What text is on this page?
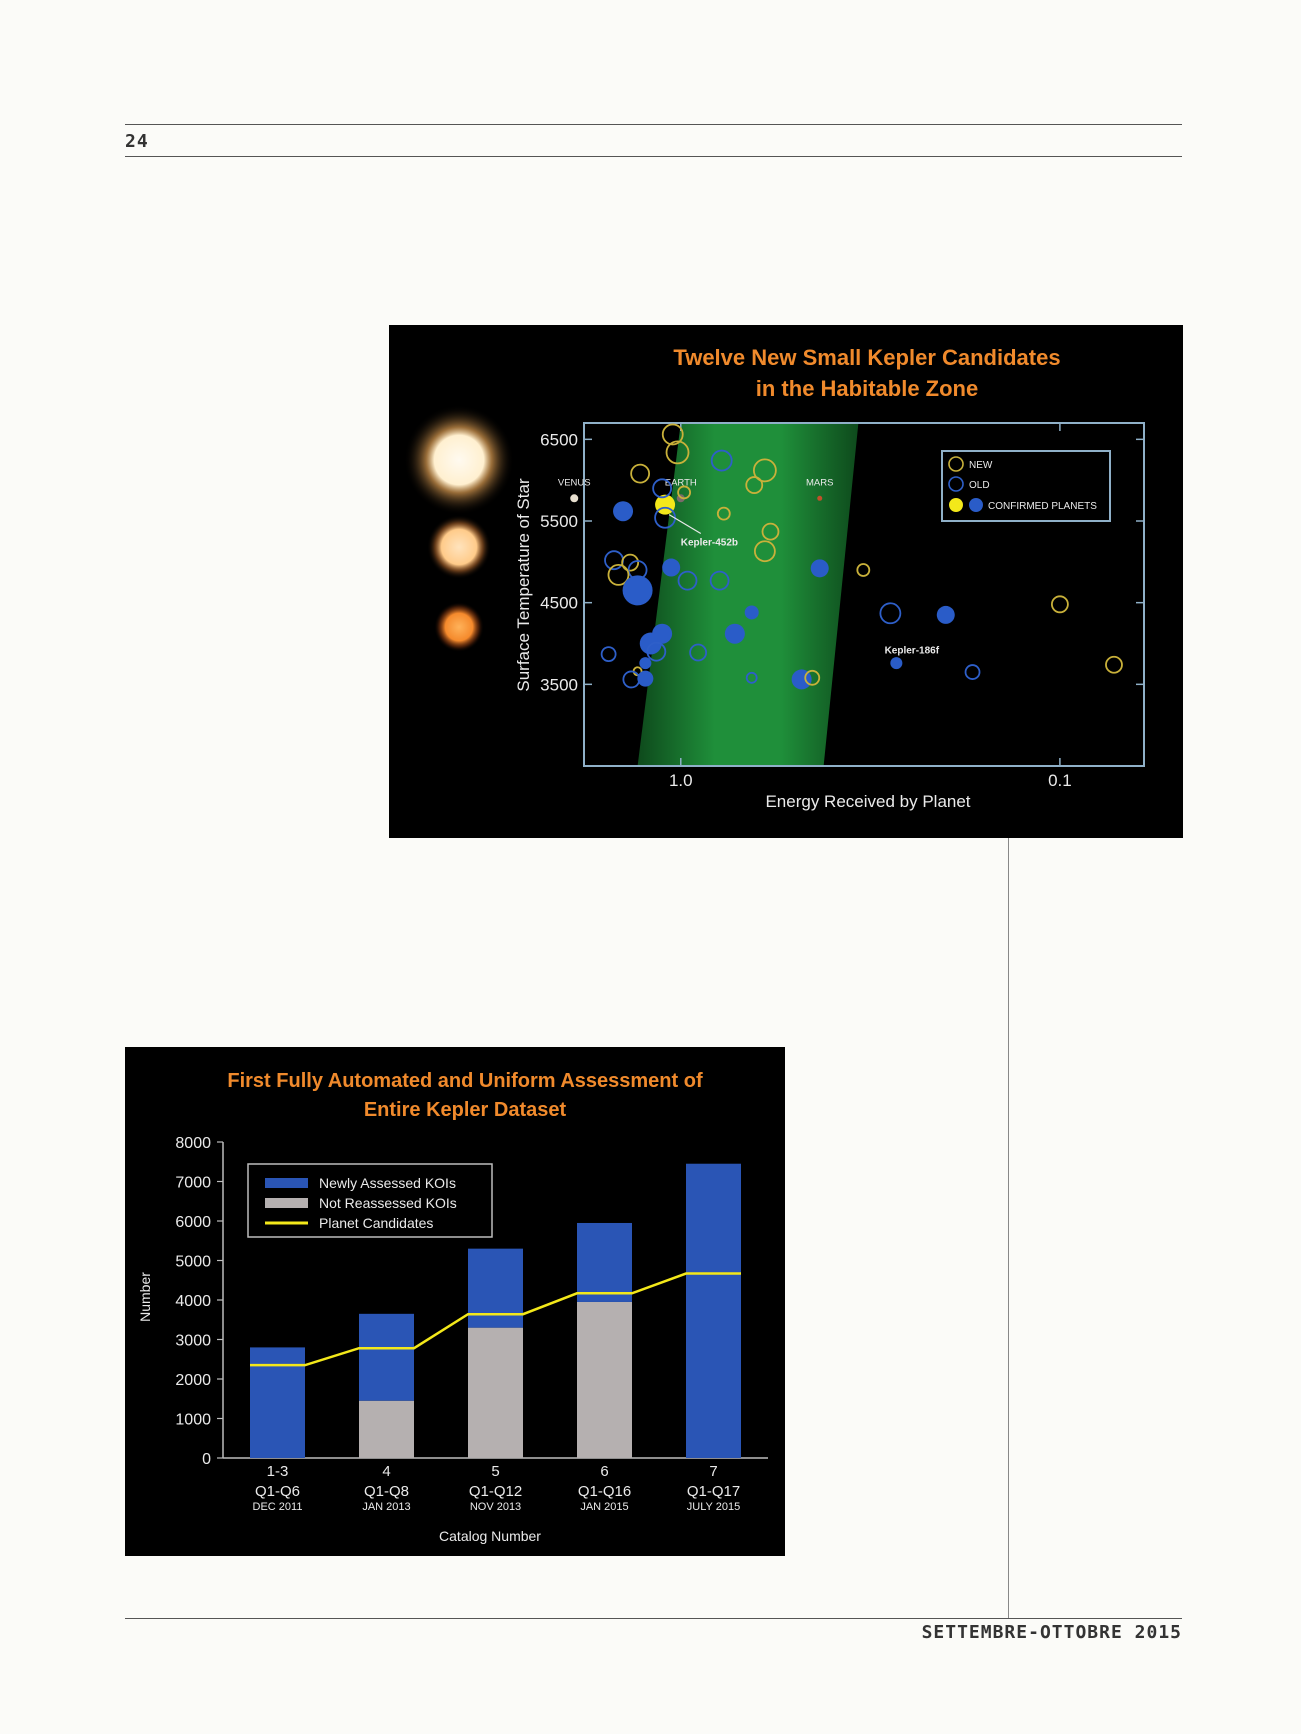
24
Twelve New Small Kepler Candidates
in the Habitable Zone
6500
5500
4500
3500
1.0	0.1
VENUS	EARTH	MARS
Kepler-452b
Kepler-186f
Energy Received by Planet
Surface Temperature of Star
NEW
OLD
CONFIRMED PLANETS
First Fully Automated and Uniform Assessment of
Entire Kepler Dataset
0
1000
2000
3000
4000
5000
6000
7000
8000
1-3
Q1-Q6
DEC 2011
4
Q1-Q8
JAN 2013
5
Q1-Q12
NOV 2013
6
Q1-Q16
JAN 2015
7
Q1-Q17
JULY 2015
Catalog Number
Number
Newly Assessed KOIs
Not Reassessed KOIs
Planet Candidates
SETTEMBRE-OTTOBRE 2015
